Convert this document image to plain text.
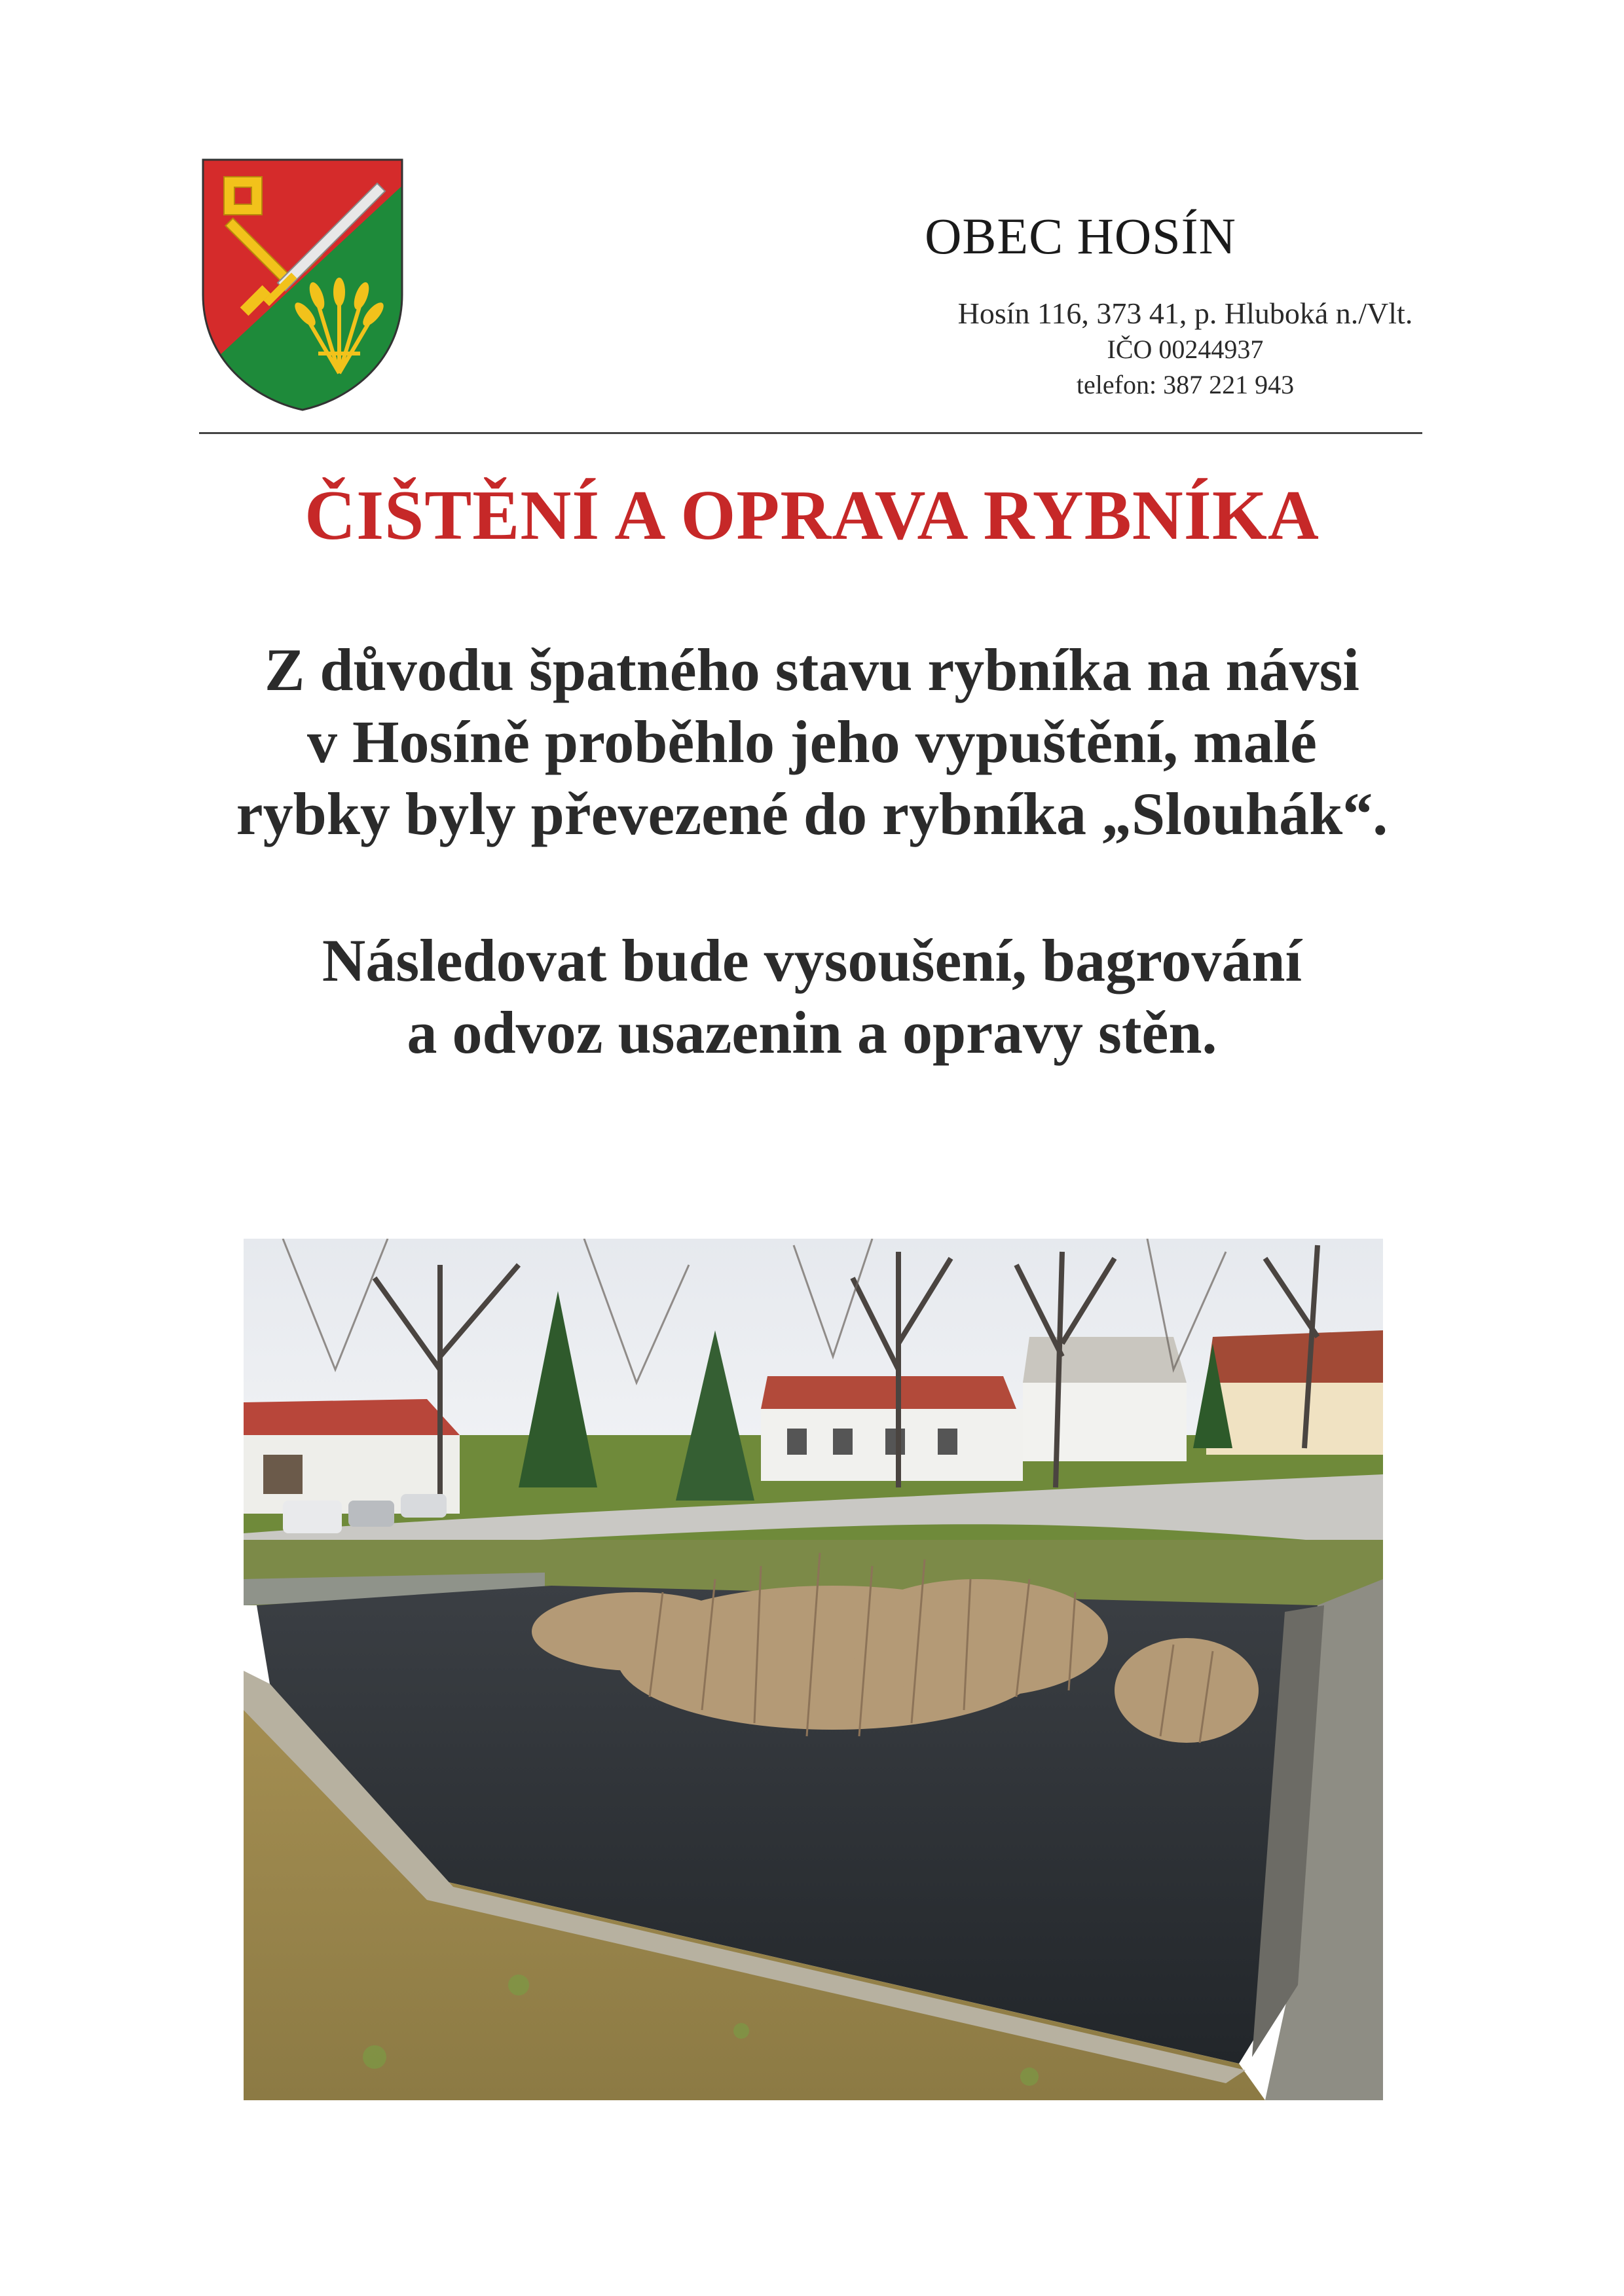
OBEC HOSÍN
Hosín 116, 373 41, p. Hluboká n./Vlt.
IČO 00244937
telefon: 387 221 943
ČIŠTĚNÍ A OPRAVA RYBNÍKA
Z důvodu špatného stavu rybníka na návsi
v Hosíně proběhlo jeho vypuštění, malé
rybky byly převezené do rybníka „Slouhák“.
Následovat bude vysoušení, bagrování
a odvoz usazenin a opravy stěn.
